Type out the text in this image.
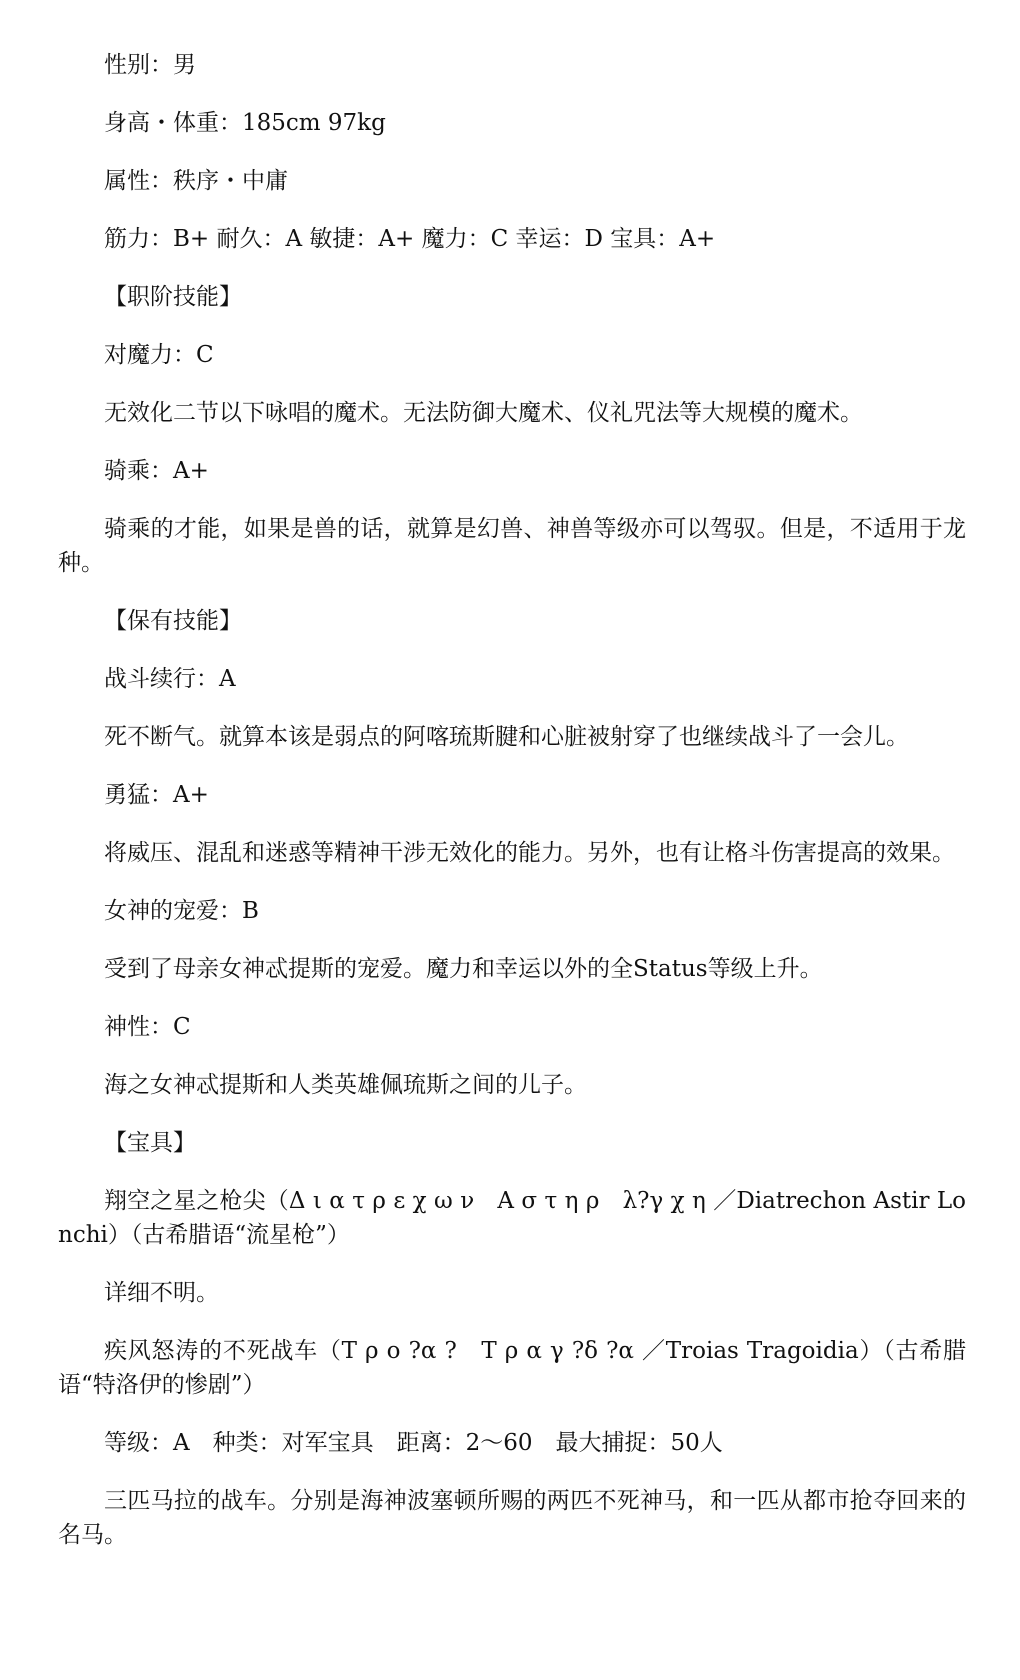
性别：男

身高・体重：185cm 97kg

属性：秩序・中庸

筋力：B+ 耐久：A 敏捷：A+ 魔力：C 幸运：D 宝具：A+

【职阶技能】

对魔力：C

无效化二节以下咏唱的魔术。无法防御大魔术、仪礼咒法等大规模的魔术。

骑乘：A+

骑乘的才能，如果是兽的话，就算是幻兽、神兽等级亦可以驾驭。但是，不适用于龙种。

【保有技能】

战斗续行：A

死不断气。就算本该是弱点的阿喀琉斯腱和心脏被射穿了也继续战斗了一会儿。

勇猛：A+

将威压、混乱和迷惑等精神干涉无效化的能力。另外，也有让格斗伤害提高的效果。

女神的宠爱：B

受到了母亲女神忒提斯的宠爱。魔力和幸运以外的全Status等级上升。

神性：C

海之女神忒提斯和人类英雄佩琉斯之间的儿子。

【宝具】

翔空之星之枪尖（Δ ι α τ ρ ε χ ω ν　Α σ τ η ρ　λ?γ χ η ／Diatrechon Astir Lonchi）（古希腊语“流星枪”）

详细不明。

疾风怒涛的不死战车（Τ ρ ο ?α ?　Τ ρ α γ ?δ ?α ／Troias Tragoidia）（古希腊语“特洛伊的惨剧”）

等级：A　种类：对军宝具　距离：2～60　最大捕捉：50人

三匹马拉的战车。分别是海神波塞顿所赐的两匹不死神马，和一匹从都市抢夺回来的名马。
